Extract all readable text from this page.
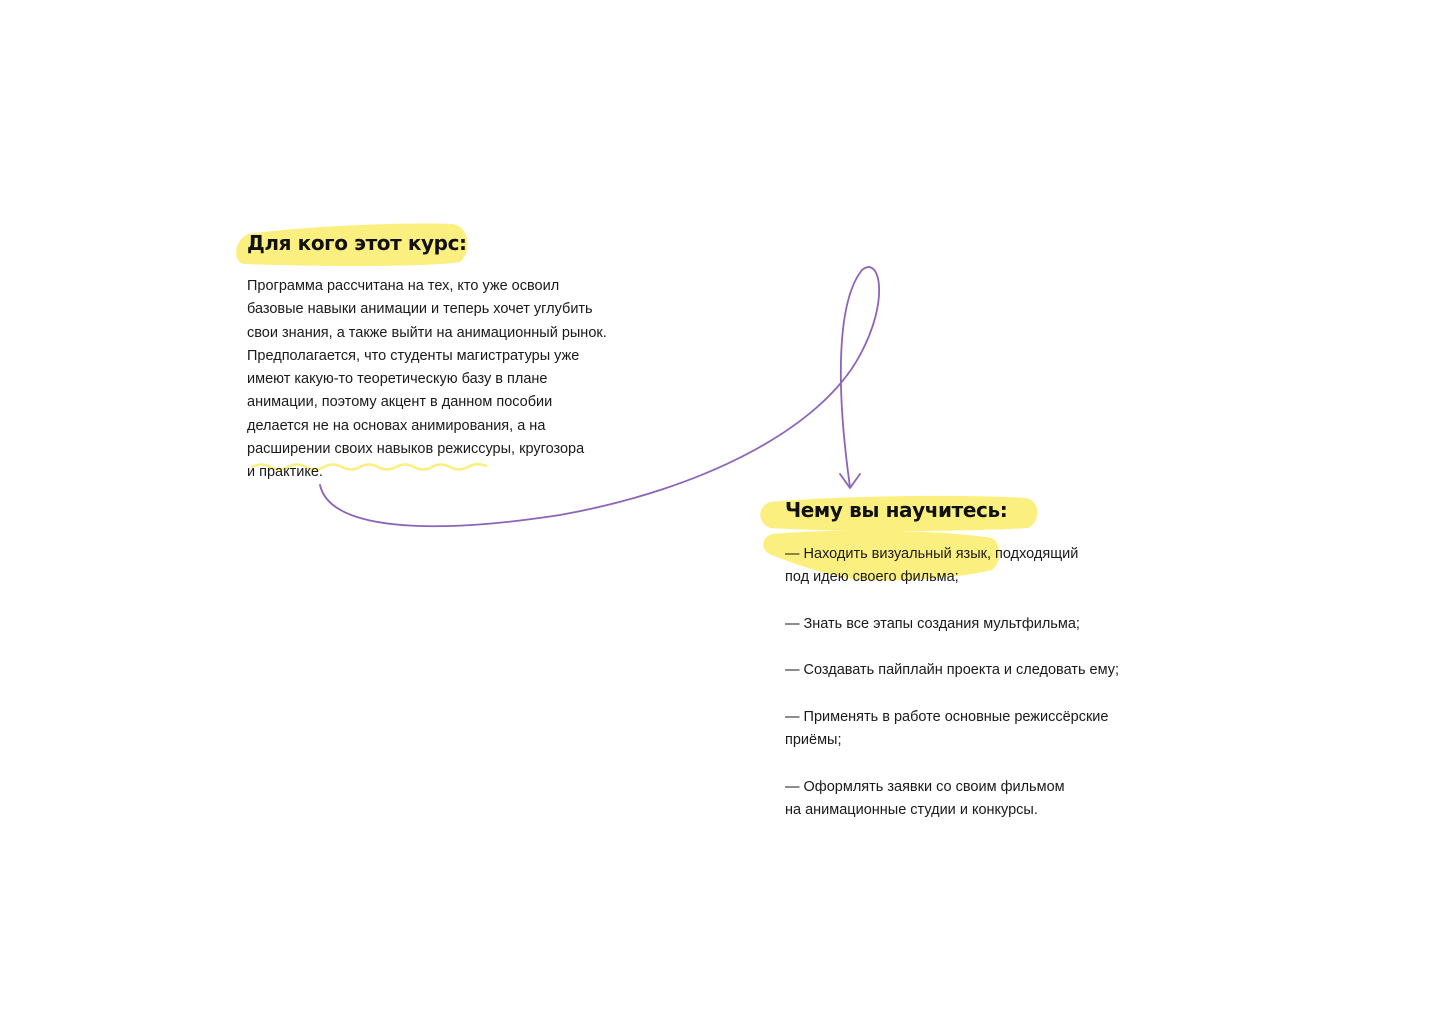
Для кого этот курс:

Программа рассчитана на тех, кто уже освоил
базовые навыки анимации и теперь хочет углубить
свои знания, а также выйти на анимационный рынок.
Предполагается, что студенты магистратуры уже
имеют какую-то теоретическую базу в плане
анимации, поэтому акцент в данном пособии
делается не на основах анимирования, а на
расширении своих навыков режиссуры, кругозора
и практике.

Чему вы научитесь:
— Находить визуальный язык, подходящий
под идею своего фильма;
— Знать все этапы создания мультфильма;
— Создавать пайплайн проекта и следовать ему;
— Применять в работе основные режиссёрские
приёмы;
— Оформлять заявки со своим фильмом
на анимационные студии и конкурсы.
